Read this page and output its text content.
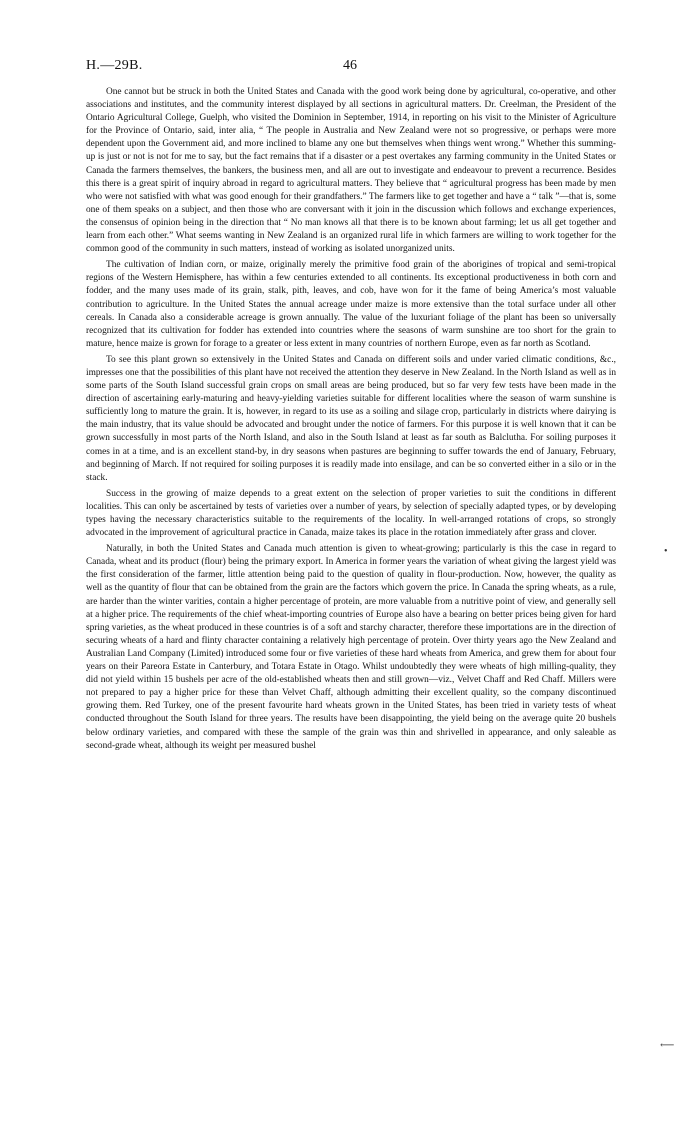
H.—29B.	46

One cannot but be struck in both the United States and Canada with the good work being done by agricultural, co-operative, and other associations and institutes, and the community interest displayed by all sections in agricultural matters. Dr. Creelman, the President of the Ontario Agricultural College, Guelph, who visited the Dominion in September, 1914, in reporting on his visit to the Minister of Agriculture for the Province of Ontario, said, inter alia, “ The people in Australia and New Zealand were not so progressive, or perhaps were more dependent upon the Government aid, and more inclined to blame any one but themselves when things went wrong.” Whether this summing-up is just or not is not for me to say, but the fact remains that if a disaster or a pest overtakes any farming community in the United States or Canada the farmers themselves, the bankers, the business men, and all are out to investigate and endeavour to prevent a recurrence. Besides this there is a great spirit of inquiry abroad in regard to agricultural matters. They believe that “ agricultural progress has been made by men who were not satisfied with what was good enough for their grandfathers.” The farmers like to get together and have a “ talk ”—that is, some one of them speaks on a subject, and then those who are conversant with it join in the discussion which follows and exchange experiences, the consensus of opinion being in the direction that “ No man knows all that there is to be known about farming; let us all get together and learn from each other.” What seems wanting in New Zealand is an organized rural life in which farmers are willing to work together for the common good of the community in such matters, instead of working as isolated unorganized units.

The cultivation of Indian corn, or maize, originally merely the primitive food grain of the aborigines of tropical and semi-tropical regions of the Western Hemisphere, has within a few centuries extended to all continents. Its exceptional productiveness in both corn and fodder, and the many uses made of its grain, stalk, pith, leaves, and cob, have won for it the fame of being America’s most valuable contribution to agriculture. In the United States the annual acreage under maize is more extensive than the total surface under all other cereals. In Canada also a considerable acreage is grown annually. The value of the luxuriant foliage of the plant has been so universally recognized that its cultivation for fodder has extended into countries where the seasons of warm sunshine are too short for the grain to mature, hence maize is grown for forage to a greater or less extent in many countries of northern Europe, even as far north as Scotland.

To see this plant grown so extensively in the United States and Canada on different soils and under varied climatic conditions, &c., impresses one that the possibilities of this plant have not received the attention they deserve in New Zealand. In the North Island as well as in some parts of the South Island successful grain crops on small areas are being produced, but so far very few tests have been made in the direction of ascertaining early-maturing and heavy-yielding varieties suitable for different localities where the season of warm sunshine is sufficiently long to mature the grain. It is, however, in regard to its use as a soiling and silage crop, particularly in districts where dairying is the main industry, that its value should be advocated and brought under the notice of farmers. For this purpose it is well known that it can be grown successfully in most parts of the North Island, and also in the South Island at least as far south as Balclutha. For soiling purposes it comes in at a time, and is an excellent stand-by, in dry seasons when pastures are beginning to suffer towards the end of January, February, and beginning of March. If not required for soiling purposes it is readily made into ensilage, and can be so converted either in a silo or in the stack.

Success in the growing of maize depends to a great extent on the selection of proper varieties to suit the conditions in different localities. This can only be ascertained by tests of varieties over a number of years, by selection of specially adapted types, or by developing types having the necessary characteristics suitable to the requirements of the locality. In well-arranged rotations of crops, so strongly advocated in the improvement of agricultural practice in Canada, maize takes its place in the rotation immediately after grass and clover.

Naturally, in both the United States and Canada much attention is given to wheat-growing; particularly is this the case in regard to Canada, wheat and its product (flour) being the primary export. In America in former years the variation of wheat giving the largest yield was the first consideration of the farmer, little attention being paid to the question of quality in flour-production. Now, however, the quality as well as the quantity of flour that can be obtained from the grain are the factors which govern the price. In Canada the spring wheats, as a rule, are harder than the winter varities, contain a higher percentage of protein, are more valuable from a nutritive point of view, and generally sell at a higher price. The requirements of the chief wheat-importing countries of Europe also have a bearing on better prices being given for hard spring varieties, as the wheat produced in these countries is of a soft and starchy character, therefore these importations are in the direction of securing wheats of a hard and flinty character containing a relatively high percentage of protein. Over thirty years ago the New Zealand and Australian Land Company (Limited) introduced some four or five varieties of these hard wheats from America, and grew them for about four years on their Pareora Estate in Canterbury, and Totara Estate in Otago. Whilst undoubtedly they were wheats of high milling-quality, they did not yield within 15 bushels per acre of the old-established wheats then and still grown—viz., Velvet Chaff and Red Chaff. Millers were not prepared to pay a higher price for these than Velvet Chaff, although admitting their excellent quality, so the company discontinued growing them. Red Turkey, one of the present favourite hard wheats grown in the United States, has been tried in variety tests of wheat conducted throughout the South Island for three years. The results have been disappointing, the yield being on the average quite 20 bushels below ordinary varieties, and compared with these the sample of the grain was thin and shrivelled in appearance, and only saleable as second-grade wheat, although its weight per measured bushel

•
⟵
